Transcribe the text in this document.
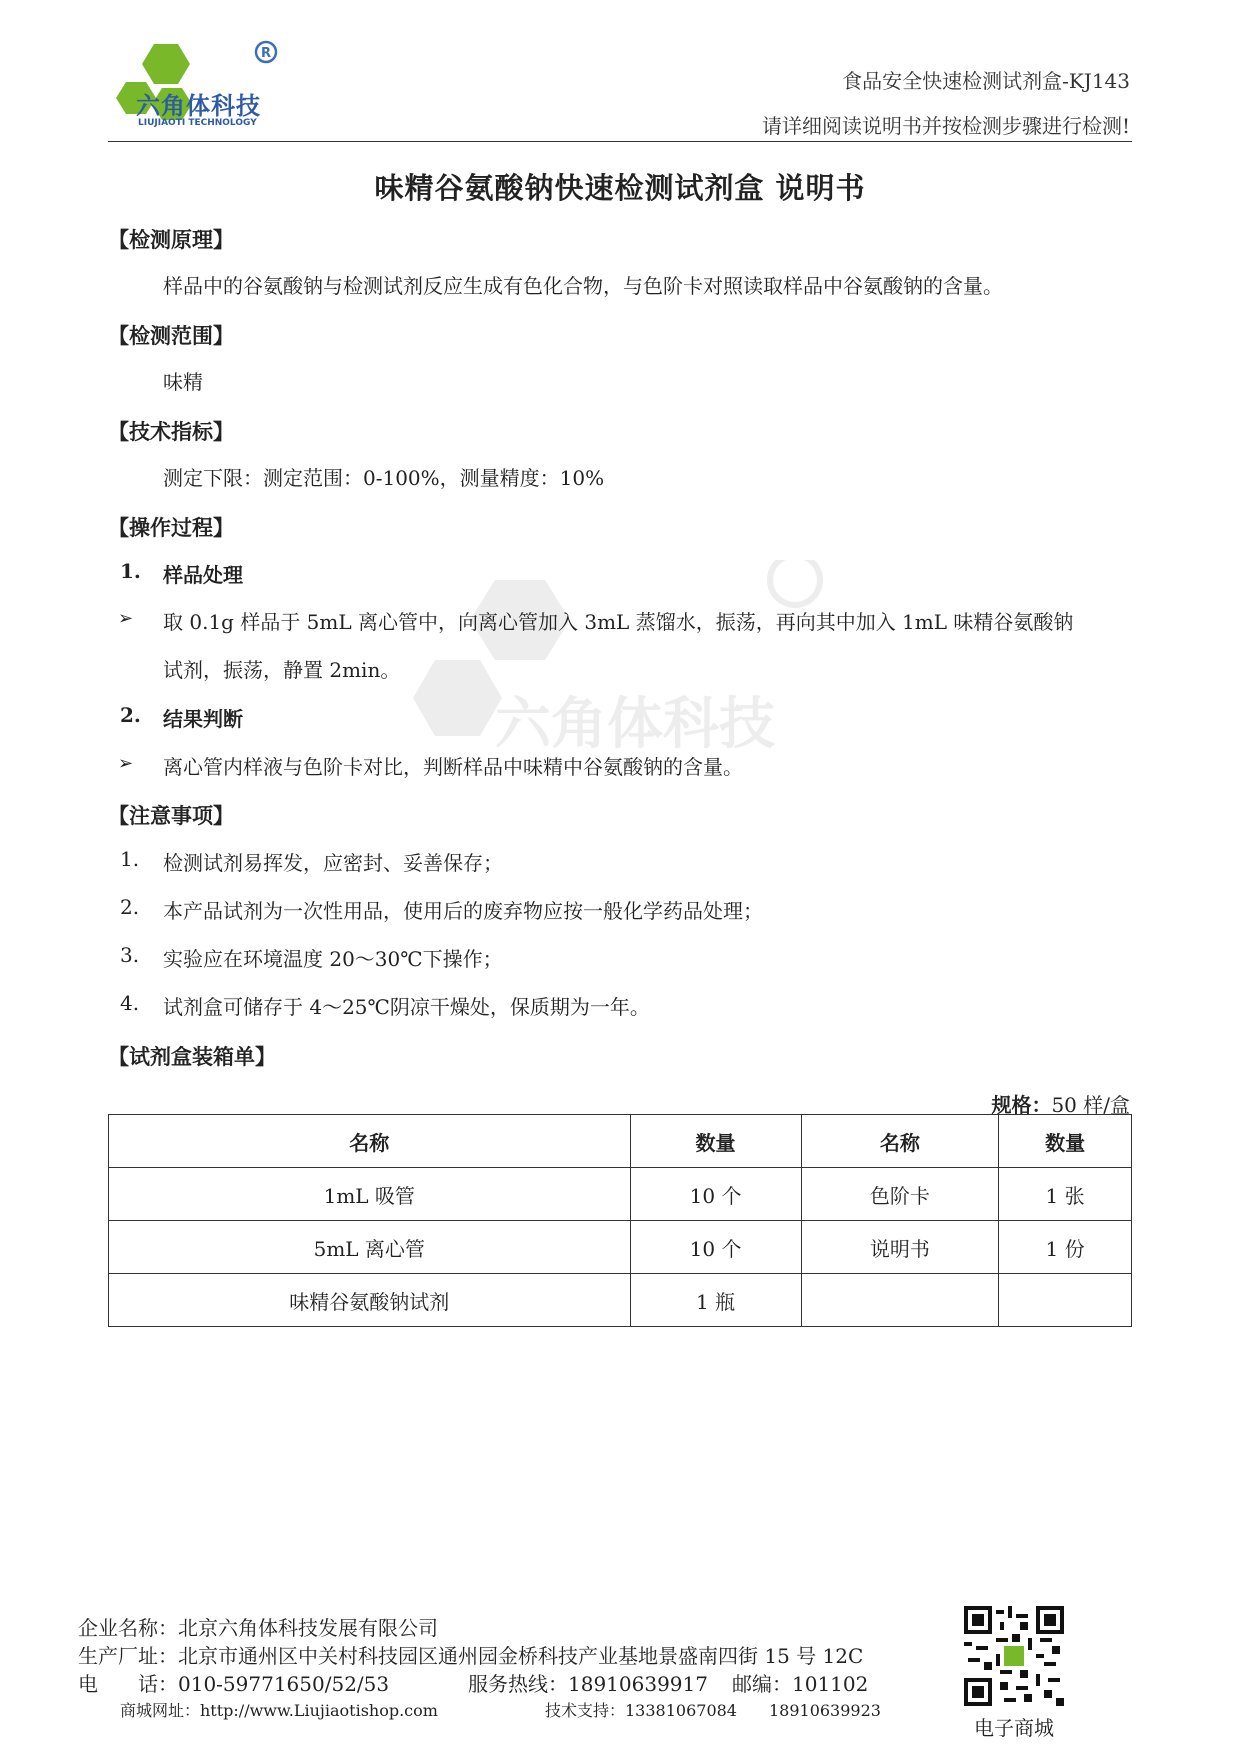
R
六角体科技
LIUJIAOTI TECHNOLOGY
食品安全快速检测试剂盒-KJ143
请详细阅读说明书并按检测步骤进行检测!
六角体科技
味精谷氨酸钠快速检测试剂盒 说明书
【检测原理】
样品中的谷氨酸钠与检测试剂反应生成有色化合物，与色阶卡对照读取样品中谷氨酸钠的含量。
【检测范围】
味精
【技术指标】
测定下限：测定范围：0-100%，测量精度：10%
【操作过程】
1. 样品处理
➢ 取 0.1g 样品于 5mL 离心管中，向离心管加入 3mL 蒸馏水，振荡，再向其中加入 1mL 味精谷氨酸钠
试剂，振荡，静置 2min。
2. 结果判断
➢ 离心管内样液与色阶卡对比，判断样品中味精中谷氨酸钠的含量。
【注意事项】
1. 检测试剂易挥发，应密封、妥善保存；
2. 本产品试剂为一次性用品，使用后的废弃物应按一般化学药品处理；
3. 实验应在环境温度 20～30℃下操作；
4. 试剂盒可储存于 4～25℃阴凉干燥处，保质期为一年。
【试剂盒装箱单】
规格：50 样/盒
名称	数量	名称	数量
1mL 吸管	10 个	色阶卡	1 张
5mL 离心管	10 个	说明书	1 份
味精谷氨酸钠试剂	1 瓶		
企业名称：北京六角体科技发展有限公司
生产厂址：北京市通州区中关村科技园区通州园金桥科技产业基地景盛南四街 15 号 12C
电　　话：010-59771650/52/53	服务热线：18910639917 邮编：101102
商城网址：http://www.Liujiaotishop.com	技术支持：13381067084　　18910639923
电子商城
